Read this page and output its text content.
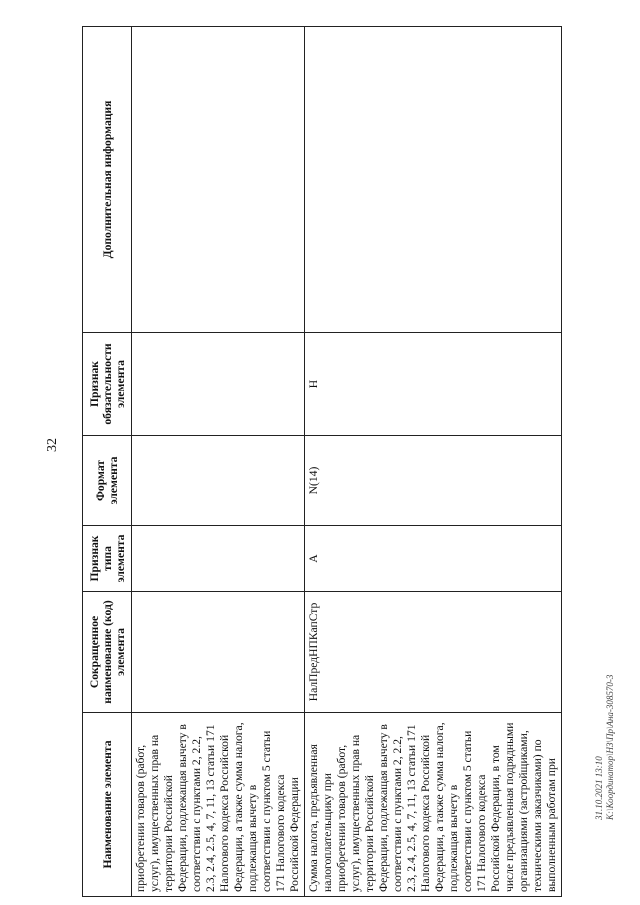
32
Наименование элемента	Сокращенное наименование (код) элемента	Признак типа элемента	Формат элемента	Признак обязательности элемента	Дополнительная информация
приобретении товаров (работ, услуг), имущественных прав на территории Российской Федерации, подлежащая вычету в соответствии с пунктами 2, 2.2, 2.3, 2.4, 2.5, 4, 7, 11, 13 статьи 171 Налогового кодекса Российской Федерации, а также сумма налога, подлежащая вычету в соответствии с пунктом 5 статьи 171 Налогового кодекса Российской Федерации					
Сумма налога, предъявленная налогоплательщику при приобретении товаров (работ, услуг), имущественных прав на территории Российской Федерации, подлежащая вычету в соответствии с пунктами 2, 2.2, 2.3, 2.4, 2.5, 4, 7, 11, 13 статьи 171 Налогового кодекса Российской Федерации, а также сумма налога, подлежащая вычету в соответствии с пунктом 5 статьи 171 Налогового кодекса Российской Федерации, в том числе предъявленная подрядными организациями (застройщиками, техническими заказчиками) по выполненным работам при	НалПредНПКапСтр	А	N(14)	Н	
31.10.2021 13:10 К:\Координатор\НЗ\Пр\Ана-308570-3
